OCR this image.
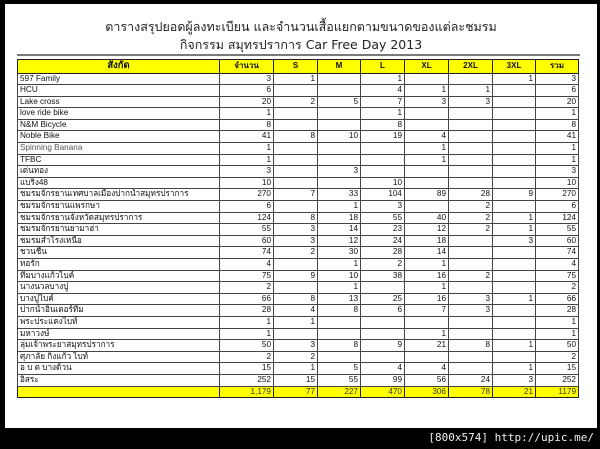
ตารางสรุปยอดผู้ลงทะเบียน และจำนวนเสื้อแยกตามขนาดของแต่ละชมรม
กิจกรรม สมุทรปราการ Car Free Day 2013
สังกัด	จำนวน	S	M	L	XL	2XL	3XL	รวม
597 Family	3	1		1			1	3
HCU	6			4	1	1		6
Lake cross	20	2	5	7	3	3		20
love ride bike	1			1				1
N&M Bicycle	8			8				8
Noble Bike	41	8	10	19	4			41
Spinning Banana	1				1			1
TFBC	1				1			1
เด่นทอง	3		3					3
แบริ่ง48	10			10				10
ชมรมจักรยานเทศบาลเมืองปากน้ำสมุทรปราการ	270	7	33	104	89	28	9	270
ชมรมจักรยานแพรกษา	6		1	3		2		6
ชมรมจักรยานจังหวัดสมุทรปราการ	124	8	18	55	40	2	1	124
ชมรมจักรยานยามาฮ่า	55	3	14	23	12	2	1	55
ชมรมสำโรงเหนือ	60	3	12	24	18		3	60
ชวนชื่น	74	2	30	28	14			74
ทอรัก	4		1	2	1			4
ทีมบางแก้วไบค์	75	9	10	38	16	2		75
นางนวลบางปู	2		1		1			2
บางปูไบค์	66	8	13	25	16	3	1	66
ปากน้ำอินเตอร์ทีม	28	4	8	6	7	3		28
พระประแดงไบท์	1	1						1
มหาวงษ์	1				1			1
ลุ่มเจ้าพระยาสมุทรปราการ	50	3	8	9	21	8	1	50
ศุภาลัย กิ่งแก้ว ไบท์	2	2						2
อ บ ต บางด้วน	15	1	5	4	4		1	15
อิสระ	252	15	55	99	56	24	3	252
	1,179	77	227	470	306	78	21	1179
[800x574] http://upic.me/
